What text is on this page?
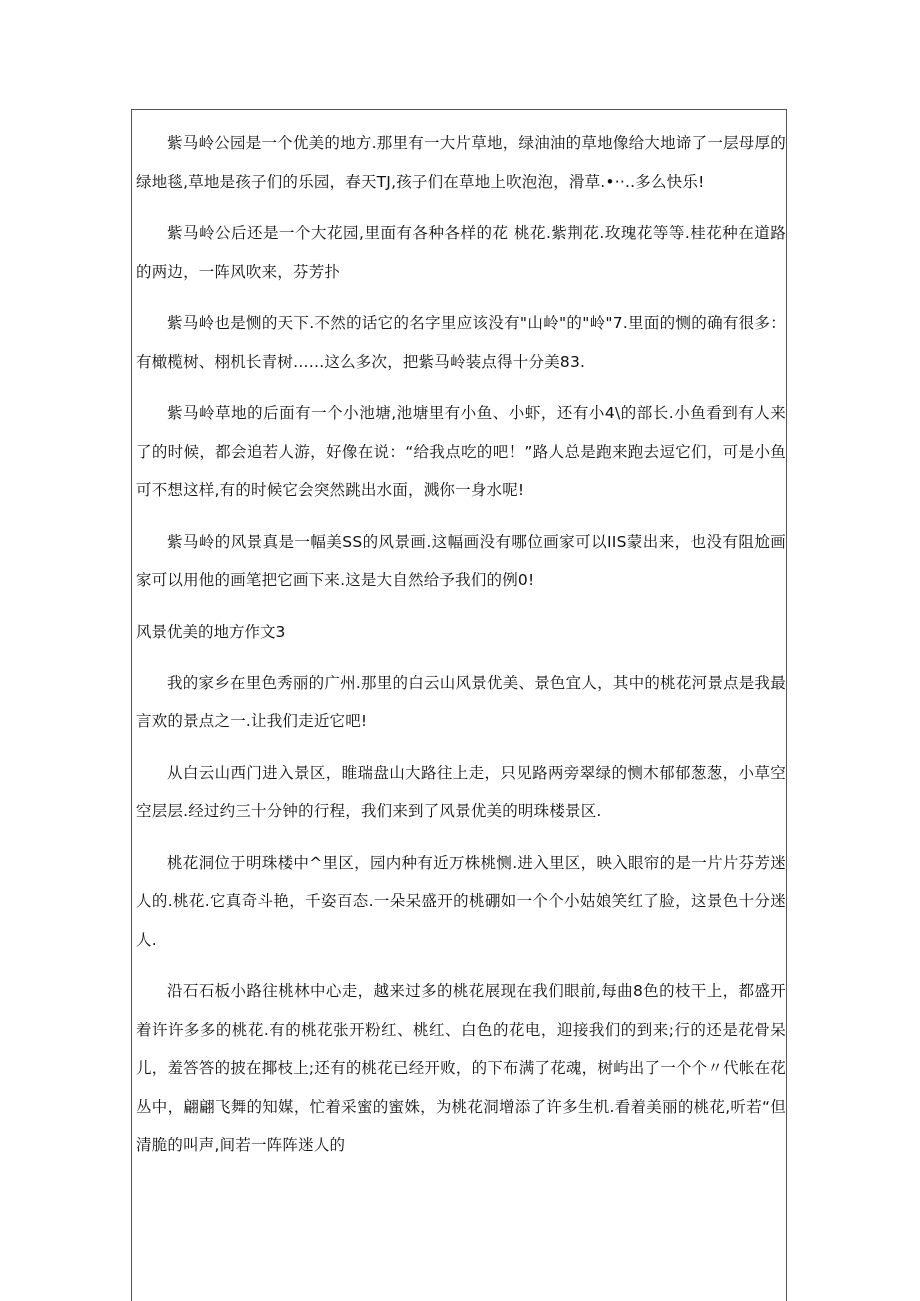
紫马岭公园是一个优美的地方.那里有一大片草地，绿油油的草地像给大地谛了一层母厚的绿地毯,草地是孩子们的乐园，春天TJ,孩子们在草地上吹泡泡，滑草.•··..多么快乐!

紫马岭公后还是一个大花园,里面有各种各样的花 桃花.紫荆花.玫瑰花等等.桂花种在道路的两边，一阵风吹来，芬芳扑

紫马岭也是恻的天下.不然的话它的名字里应该没有"山岭"的"岭"7.里面的恻的确有很多：有橄榄树、栩机长青树……这么多次，把紫马岭装点得十分美83.

紫马岭草地的后面有一个小池塘,池塘里有小鱼、小虾，还有小4\的部长.小鱼看到有人来了的时候，都会追若人游，好像在说：“给我点吃的吧！”路人总是跑来跑去逗它们，可是小鱼可不想这样,有的时候它会突然跳出水面，溅你一身水呢!

紫马岭的风景真是一幅美SS的风景画.这幅画没有哪位画家可以IIS蒙出来，也没有阻尬画家可以用他的画笔把它画下来.这是大自然给予我们的例0!

风景优美的地方作文3

我的家乡在里色秀丽的广州.那里的白云山风景优美、景色宜人，其中的桃花河景点是我最言欢的景点之一.让我们走近它吧!

从白云山西门进入景区，睢瑞盘山大路往上走，只见路两旁翠绿的恻木郁郁葱葱，小草空空层层.经过约三十分钟的行程，我们来到了风景优美的明珠楼景区.

桃花洞位于明珠楼中^里区，园内种有近万株桃恻.进入里区，映入眼帘的是一片片芬芳迷人的.桃花.它真奇斗艳，千姿百态.一朵呆盛开的桃硼如一个个小姑娘笑红了脸，这景色十分迷人.

沿石石板小路往桃林中心走，越来过多的桃花展现在我们眼前,每曲8色的枝干上，都盛开着许许多多的桃花.有的桃花张开粉红、桃红、白色的花电，迎接我们的到来;行的还是花骨呆儿，羞答答的披在揶枝上;还有的桃花已经开败，的下布满了花魂，树屿出了一个个〃代帐在花丛中，翩翩飞舞的知媒，忙着采蜜的蜜姝，为桃花洞增添了许多生机.看着美丽的桃花,听若“但清脆的叫声,间若一阵阵迷人的
